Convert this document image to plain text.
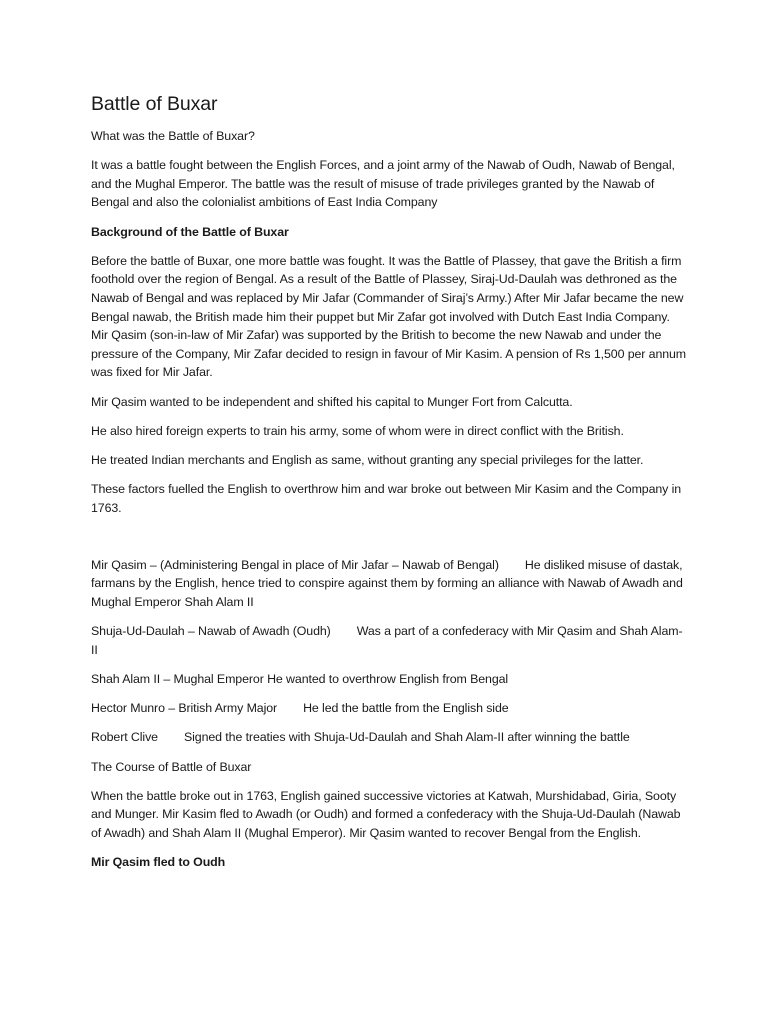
Battle of Buxar

What was the Battle of Buxar?

It was a battle fought between the English Forces, and a joint army of the Nawab of Oudh, Nawab of Bengal, and the Mughal Emperor. The battle was the result of misuse of trade privileges granted by the Nawab of Bengal and also the colonialist ambitions of East India Company

Background of the Battle of Buxar

Before the battle of Buxar, one more battle was fought. It was the Battle of Plassey, that gave the British a firm foothold over the region of Bengal. As a result of the Battle of Plassey, Siraj-Ud-Daulah was dethroned as the Nawab of Bengal and was replaced by Mir Jafar (Commander of Siraj’s Army.) After Mir Jafar became the new Bengal nawab, the British made him their puppet but Mir Zafar got involved with Dutch East India Company. Mir Qasim (son-in-law of Mir Zafar) was supported by the British to become the new Nawab and under the pressure of the Company, Mir Zafar decided to resign in favour of Mir Kasim. A pension of Rs 1,500 per annum was fixed for Mir Jafar.

Mir Qasim wanted to be independent and shifted his capital to Munger Fort from Calcutta.

He also hired foreign experts to train his army, some of whom were in direct conflict with the British.

He treated Indian merchants and English as same, without granting any special privileges for the latter.

These factors fuelled the English to overthrow him and war broke out between Mir Kasim and the Company in 1763.

Mir Qasim – (Administering Bengal in place of Mir Jafar – Nawab of Bengal) He disliked misuse of dastak, farmans by the English, hence tried to conspire against them by forming an alliance with Nawab of Awadh and Mughal Emperor Shah Alam II

Shuja-Ud-Daulah – Nawab of Awadh (Oudh) Was a part of a confederacy with Mir Qasim and Shah Alam-II

Shah Alam II – Mughal Emperor He wanted to overthrow English from Bengal

Hector Munro – British Army Major He led the battle from the English side

Robert Clive Signed the treaties with Shuja-Ud-Daulah and Shah Alam-II after winning the battle

The Course of Battle of Buxar

When the battle broke out in 1763, English gained successive victories at Katwah, Murshidabad, Giria, Sooty and Munger. Mir Kasim fled to Awadh (or Oudh) and formed a confederacy with the Shuja-Ud-Daulah (Nawab of Awadh) and Shah Alam II (Mughal Emperor). Mir Qasim wanted to recover Bengal from the English.

Mir Qasim fled to Oudh
